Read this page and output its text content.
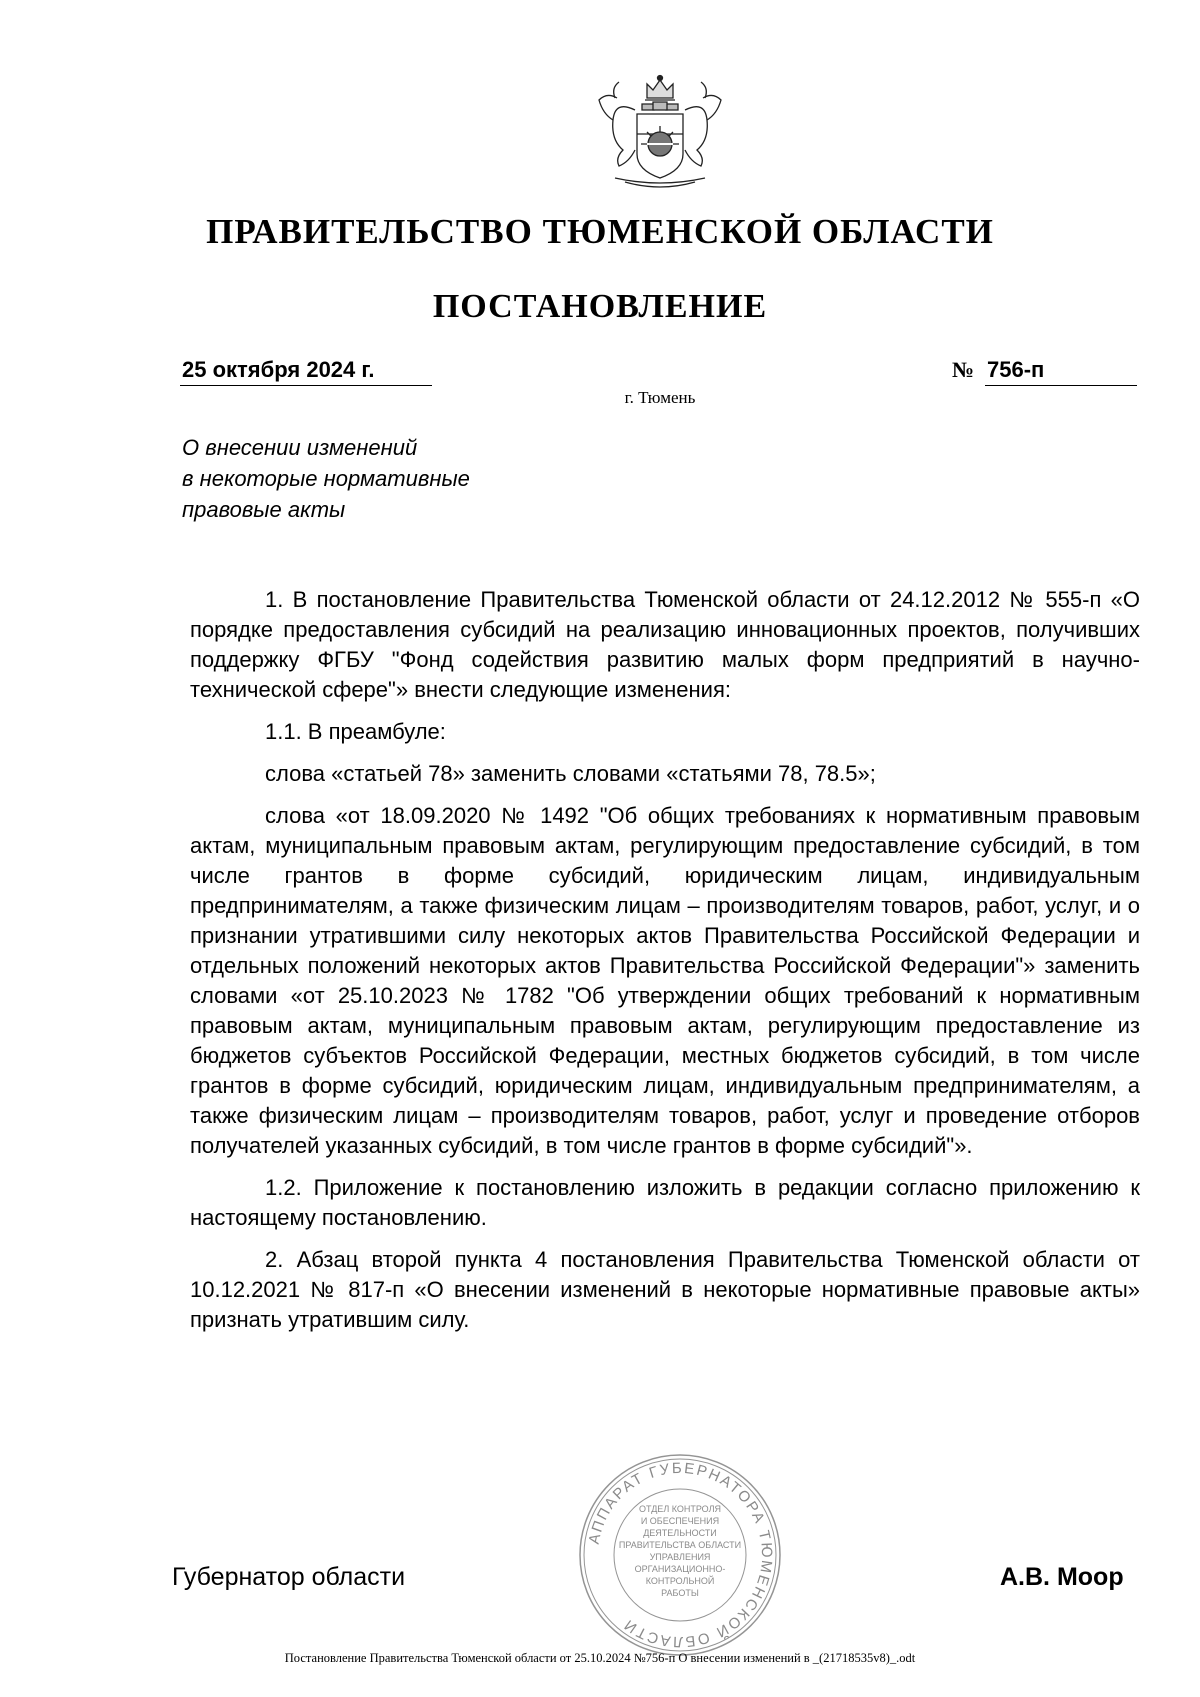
ПРАВИТЕЛЬСТВО ТЮМЕНСКОЙ ОБЛАСТИ
ПОСТАНОВЛЕНИЕ
25 октября 2024 г.	№ 756-п
г. Тюмень
О внесении изменений
в некоторые нормативные
правовые акты

1. В постановление Правительства Тюменской области от 24.12.2012 № 555-п «О порядке предоставления субсидий на реализацию инновационных проектов, получивших поддержку ФГБУ "Фонд содействия развитию малых форм предприятий в научно-технической сфере"» внести следующие изменения:

1.1. В преамбуле:

слова «статьей 78» заменить словами «статьями 78, 78.5»;

слова «от 18.09.2020 № 1492 "Об общих требованиях к нормативным правовым актам, муниципальным правовым актам, регулирующим предоставление субсидий, в том числе грантов в форме субсидий, юридическим лицам, индивидуальным предпринимателям, а также физическим лицам – производителям товаров, работ, услуг, и о признании утратившими силу некоторых актов Правительства Российской Федерации и отдельных положений некоторых актов Правительства Российской Федерации"» заменить словами «от 25.10.2023 № 1782 "Об утверждении общих требований к нормативным правовым актам, муниципальным правовым актам, регулирующим предоставление из бюджетов субъектов Российской Федерации, местных бюджетов субсидий, в том числе грантов в форме субсидий, юридическим лицам, индивидуальным предпринимателям, а также физическим лицам – производителям товаров, работ, услуг и проведение отборов получателей указанных субсидий, в том числе грантов в форме субсидий"».

1.2. Приложение к постановлению изложить в редакции согласно приложению к настоящему постановлению.

2. Абзац второй пункта 4 постановления Правительства Тюменской области от 10.12.2021 № 817-п «О внесении изменений в некоторые нормативные правовые акты» признать утратившим силу.

АППАРАТ ГУБЕРНАТОРА ТЮМЕНСКОЙ ОБЛАСТИ
ОТДЕЛ КОНТРОЛЯ
И ОБЕСПЕЧЕНИЯ
ДЕЯТЕЛЬНОСТИ
ПРАВИТЕЛЬСТВА ОБЛАСТИ
УПРАВЛЕНИЯ
ОРГАНИЗАЦИОННО-
КОНТРОЛЬНОЙ
РАБОТЫ
Губернатор области	А.В. Моор
Постановление Правительства Тюменской области от 25.10.2024 №756-п О внесении изменений в _(21718535v8)_.odt
